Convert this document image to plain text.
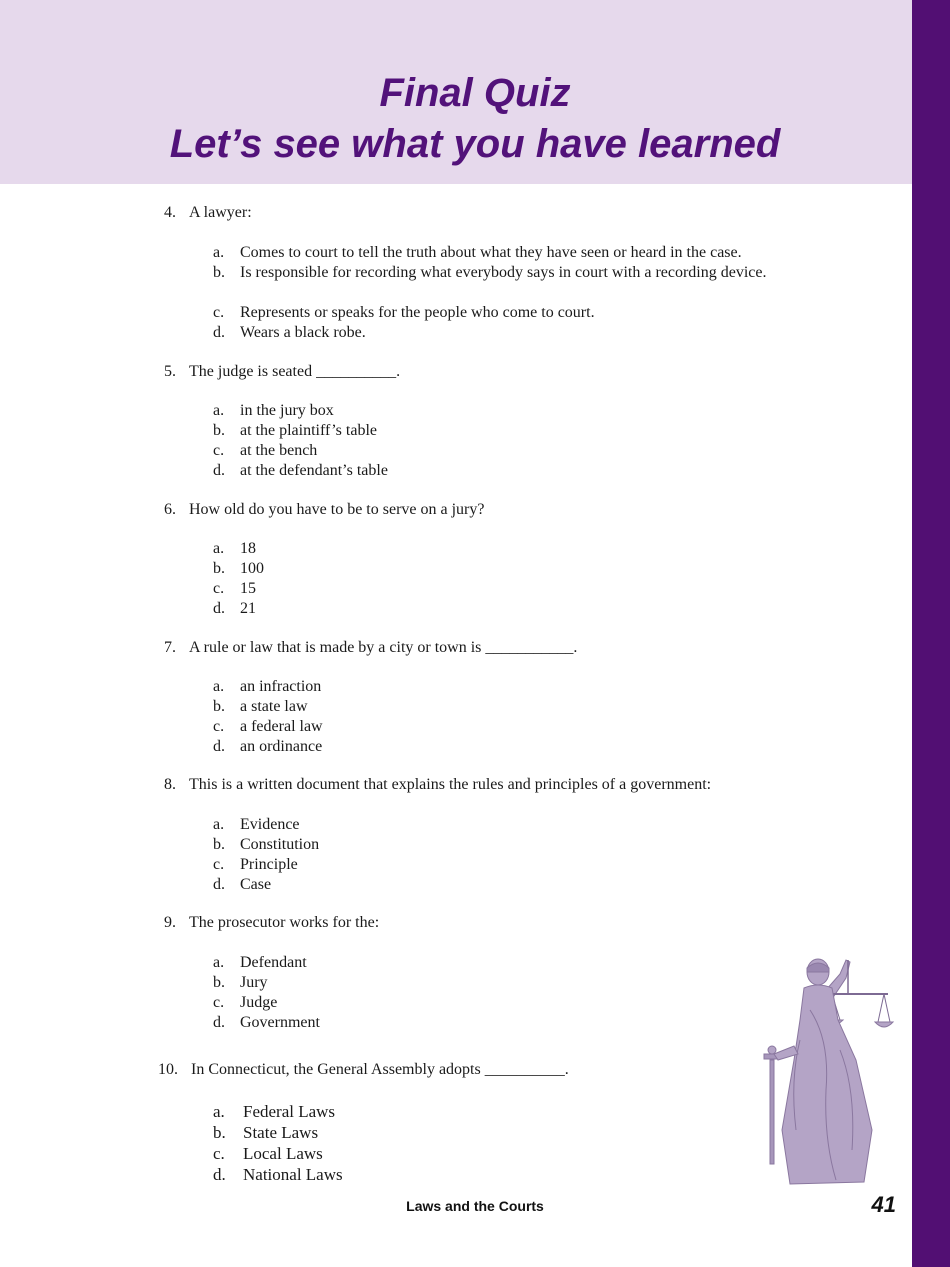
Final Quiz
Let’s see what you have learned
4. A lawyer:
a. Comes to court to tell the truth about what they have seen or heard in the case.
b. Is responsible for recording what everybody says in court with a recording device.
c. Represents or speaks for the people who come to court.
d. Wears a black robe.
5. The judge is seated __________.
a. in the jury box
b. at the plaintiff’s table
c. at the bench
d. at the defendant’s table
6. How old do you have to be to serve on a jury?
a. 18
b. 100
c. 15
d. 21
7. A rule or law that is made by a city or town is ___________.
a. an infraction
b. a state law
c. a federal law
d. an ordinance
8. This is a written document that explains the rules and principles of a government:
a. Evidence
b. Constitution
c. Principle
d. Case
9. The prosecutor works for the:
a. Defendant
b. Jury
c. Judge
d. Government
10. In Connecticut, the General Assembly adopts __________.
a. Federal Laws
b. State Laws
c. Local Laws
d. National Laws
Laws and the Courts	41
